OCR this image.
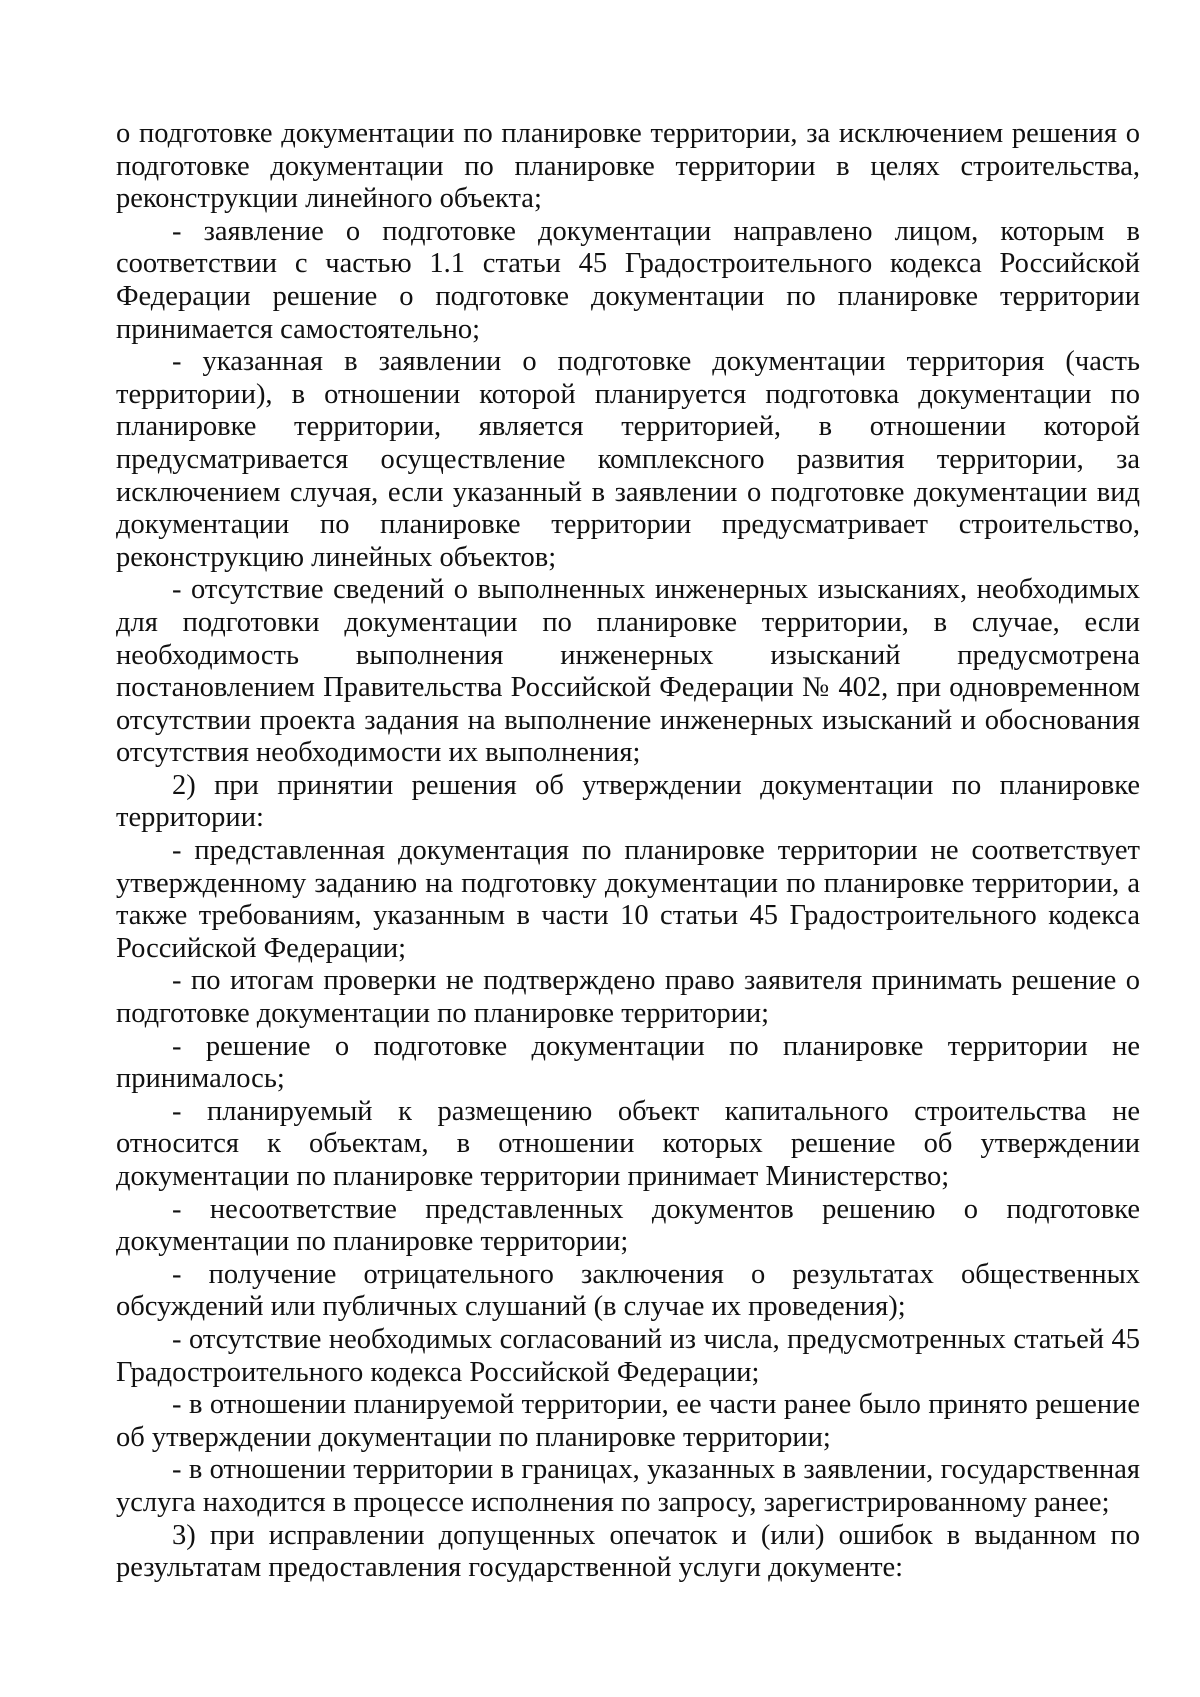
о подготовке документации по планировке территории, за исключением решения о подготовке документации по планировке территории в целях строительства, реконструкции линейного объекта;

- заявление о подготовке документации направлено лицом, которым в соответствии с частью 1.1 статьи 45 Градостроительного кодекса Российской Федерации решение о подготовке документации по планировке территории принимается самостоятельно;

- указанная в заявлении о подготовке документации территория (часть территории), в отношении которой планируется подготовка документации по планировке территории, является территорией, в отношении которой предусматривается осуществление комплексного развития территории, за исключением случая, если указанный в заявлении о подготовке документации вид документации по планировке территории предусматривает строительство, реконструкцию линейных объектов;

- отсутствие сведений о выполненных инженерных изысканиях, необходимых для подготовки документации по планировке территории, в случае, если необходимость выполнения инженерных изысканий предусмотрена постановлением Правительства Российской Федерации № 402, при одновременном отсутствии проекта задания на выполнение инженерных изысканий и обоснования отсутствия необходимости их выполнения;

2) при принятии решения об утверждении документации по планировке территории:

- представленная документация по планировке территории не соответствует утвержденному заданию на подготовку документации по планировке территории, а также требованиям, указанным в части 10 статьи 45 Градостроительного кодекса Российской Федерации;

- по итогам проверки не подтверждено право заявителя принимать решение о подготовке документации по планировке территории;

- решение о подготовке документации по планировке территории не принималось;

- планируемый к размещению объект капитального строительства не относится к объектам, в отношении которых решение об утверждении документации по планировке территории принимает Министерство;

- несоответствие представленных документов решению о подготовке документации по планировке территории;

- получение отрицательного заключения о результатах общественных обсуждений или публичных слушаний (в случае их проведения);

- отсутствие необходимых согласований из числа, предусмотренных статьей 45 Градостроительного кодекса Российской Федерации;

- в отношении планируемой территории, ее части ранее было принято решение об утверждении документации по планировке территории;

- в отношении территории в границах, указанных в заявлении, государственная услуга находится в процессе исполнения по запросу, зарегистрированному ранее;

3) при исправлении допущенных опечаток и (или) ошибок в выданном по результатам предоставления государственной услуги документе:
